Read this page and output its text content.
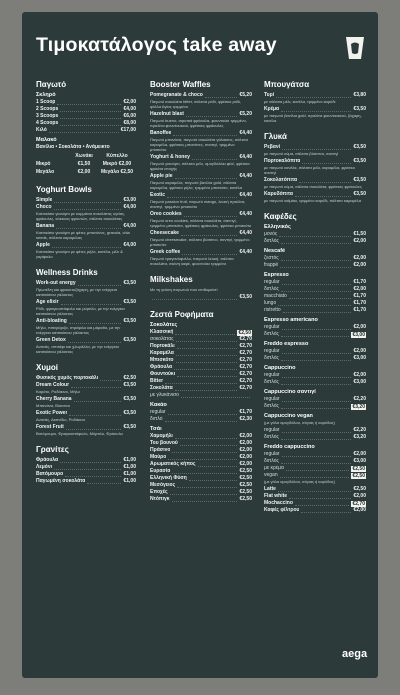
Τιμοκατάλογος take away
Παγωτό
Σκληρό
1 Scoop	€2,00
2 Scoops	€4,00
3 Scoops	€6,00
4 Scoops	€8,00
Κιλό	€17,00
Μαλακό
Βανίλια • Σοκολάτα • Ανάμεικτο
Χωνάκι	Κύπελλο
Μικρό	€1,50	Μικρό €2,00
Μεγάλο	€2,00	Μεγάλο €2,50
Yoghurt Bowls
Simple	€3,00
Choco	€4,00
Κατσικίσιο γιαούρτι με κομμάτια σοκολάτας υγείας, φράουλες, κόκκους φρουτών, σάλτσα σοκολάτας
Banana	€4,00
Κατσικίσιο γιαούρτι με φέτες μπανάνας, granola, chia seeds, σάλτσα καραμέλας
Apple	€4,00
Κατσικίσιο γιαούρτι με φέτες μήλο, κανέλα, μέλι & γαρίφαλο
Wellness Drinks
Work-out energy	€3,50
Πρωτεΐνη και φρουκτοζάχαρη, με την ενέργεια κατσικίσιου γάλακτος
Age elixir	€3,50
Ρόδι, φραγκοστάφυλο και μύρτιλο, με την ενέργεια κατσικίσιου γάλακτος
Anti-bloating	€3,50
Μήλο, πιπερόριζα, στρόφιλο και μάραθο, με την ενέργεια κατσικίσιου γάλακτος
Green Detox	€3,50
Ανανάς, σπιτάφι και χλωρέλλα, με την ενέργεια κατσικίσιου γάλακτος
Χυμοί
Φυσικός χυμός πορτοκάλι	€2,50
Dream Colour	€3,50
Καρότο, Ροδάκινο, Μήλο
Cherry Banana	€3,50
Μπανάνα, Βύσσινο
Exotic Power	€3,50
Ανανάς, Ακτινίδιο, Ροδάκινο
Forest Fruit	€3,50
Βατόμουρο, Φραγκοστάφυλο, Μύρτιλο, Φράουλα
Γρανίτες
Φράουλα	€1,00
Λεμόνι	€1,00
Βατόμουρο	€1,00
Παγωμένη σοκολάτα	€1,00
Booster Waffles
Pomegranate & choco	€5,20
Παγωτό σοκολάτα bitter, σάλτσα ρόδι, φρέσκο ρόδι, φύλλα Αγίας τριμμένο
Hazelnut blast	€5,20
Παγωτό bueno, σιροπιά φράουλα, φουντούκι τριμμένο, πραλίνα φουντουκιού, φρέσκες φράουλες
Banoffee	€4,40
Παγωτό μπανάνα, παγωτό σοκολάτα γάλακτος, σάλτσα καραμέλα, φρέσκες μπανάνες, σαντιγί, τριμμένο μπισκότο
Yoghurt & honey	€4,40
Παγωτό γιαούρτι, σάλτσα μέλι, αμυγδαλάκι φιλέ, φρέσκα φρούτα εποχής
Apple pie	€4,40
Παγωτό καραμέλα, παγωτό βανίλια gold, σάλτσα καραμέλα, φρέσκο μήλο, τριμμένο μπισκότο, κανέλα
Exotic	€4,40
Παγωτό passion fruit, παγωτό mango, λευκή πραλίνα, σαντιγί, τριμμένο μπισκότο
Oreo cookies	€4,40
Παγωτό oreo cookies, σάλτσα σοκολάτα, σαντιγί, τριμμένο μπισκότο, φρέσκες φράουλες, φρέσκο μπισκότο
Cheesecake	€4,40
Παγωτό cheesecake, σάλτσα βύσσινο, σαντιγί, τριμμένο μπισκότο
Greek coffee	€4,40
Παγωτό τραγανόφυλλο, παγωτό λευκή, σάλτσα σοκολάτα, σκόνη καφέ, φουντούκι τριμμένο
Milkshakes
Με τη γεύση παγωτού που επιθυμείτε!
€3,50
Ζεστά Ροφήματα
Σοκολάτες
Κλασσική	€2,50
σοκολάτας	€2,70
Πορτοκάλι	€2,70
Καραμέλα	€2,70
Μπισκότο	€2,70
Φράουλα	€2,70
Φουντούκι	€2,70
Bitter	€2,70
Σοκολάτα	€2,70
με γλυκάνισο
Κακάο
regular	€1,70
διπλό	€2,30
Τσάι
Χαμομήλι	€2,00
Του βουνού	€2,00
Πράσινο	€2,00
Μαύρο	€2,00
Αρωματικός κήπος	€2,00
Ευρασία	€2,50
Ελληνική Φύση	€2,50
Μεσόγειος	€2,50
Εποχές	€2,50
Ντόπιγκ	€2,50
Μπουγάτσα
Τυρί	€3,80
με σάλτσα μέλι, κανέλα, τριμμένο καρύδι
Κρέμα	€3,50
με παγωτό βανίλια gold, πραλίνα φουντουκιού, ζάχαρη, κανέλα
Γλυκά
Ρεβανί	€3,50
με παγωτό κύμα, σάλτσα βύσσινο, σαντιγί
Πορτοκαλόπιτα	€3,50
με παγωτό κανέλα, σάλτσα μέλι, καραμέλα, φρέσκο σαντιγί
Σοκολατόπιτα	€3,50
με παγωτό κύμα, σάλτσα σοκολάτα, φρέσκες φράουλες
Καρυδόπιτα	€3,50
με παγωτό καϊμάκι, τριμμένο καρύδι, σάλτσα καραμέλα
Καφέδες
Ελληνικός
μονός	€1,50
διπλός	€2,00
Nescafé
ζεστός	€2,00
frappé	€2,00
Espresso
regular	€1,70
διπλός	€2,00
macchiato	€1,70
lungo	€1,70
ristretto	€1,70
Espresso americano
regular	€2,00
διπλός	€3,00
Freddo espresso
regular	€2,00
διπλός	€3,00
Cappuccino
regular	€2,00
διπλός	€3,00
Cappuccino σαντιγί
regular	€2,20
διπλός	€3,20
Cappuccino vegan
(με γάλα αμυγδάλου, σόγιας ή καρύδας)
regular	€2,20
διπλός	€3,20
Freddo cappuccino
regular	€2,00
διπλός	€3,00
με κρέμα	€2,50
vegan	€2,50
(με γάλα αμυγδάλου, σόγιας ή καρύδας)
Latte	€2,50
Flat white	€2,00
Mochaccino	€2,70
Καφές φίλτρου	€2,00
aega
